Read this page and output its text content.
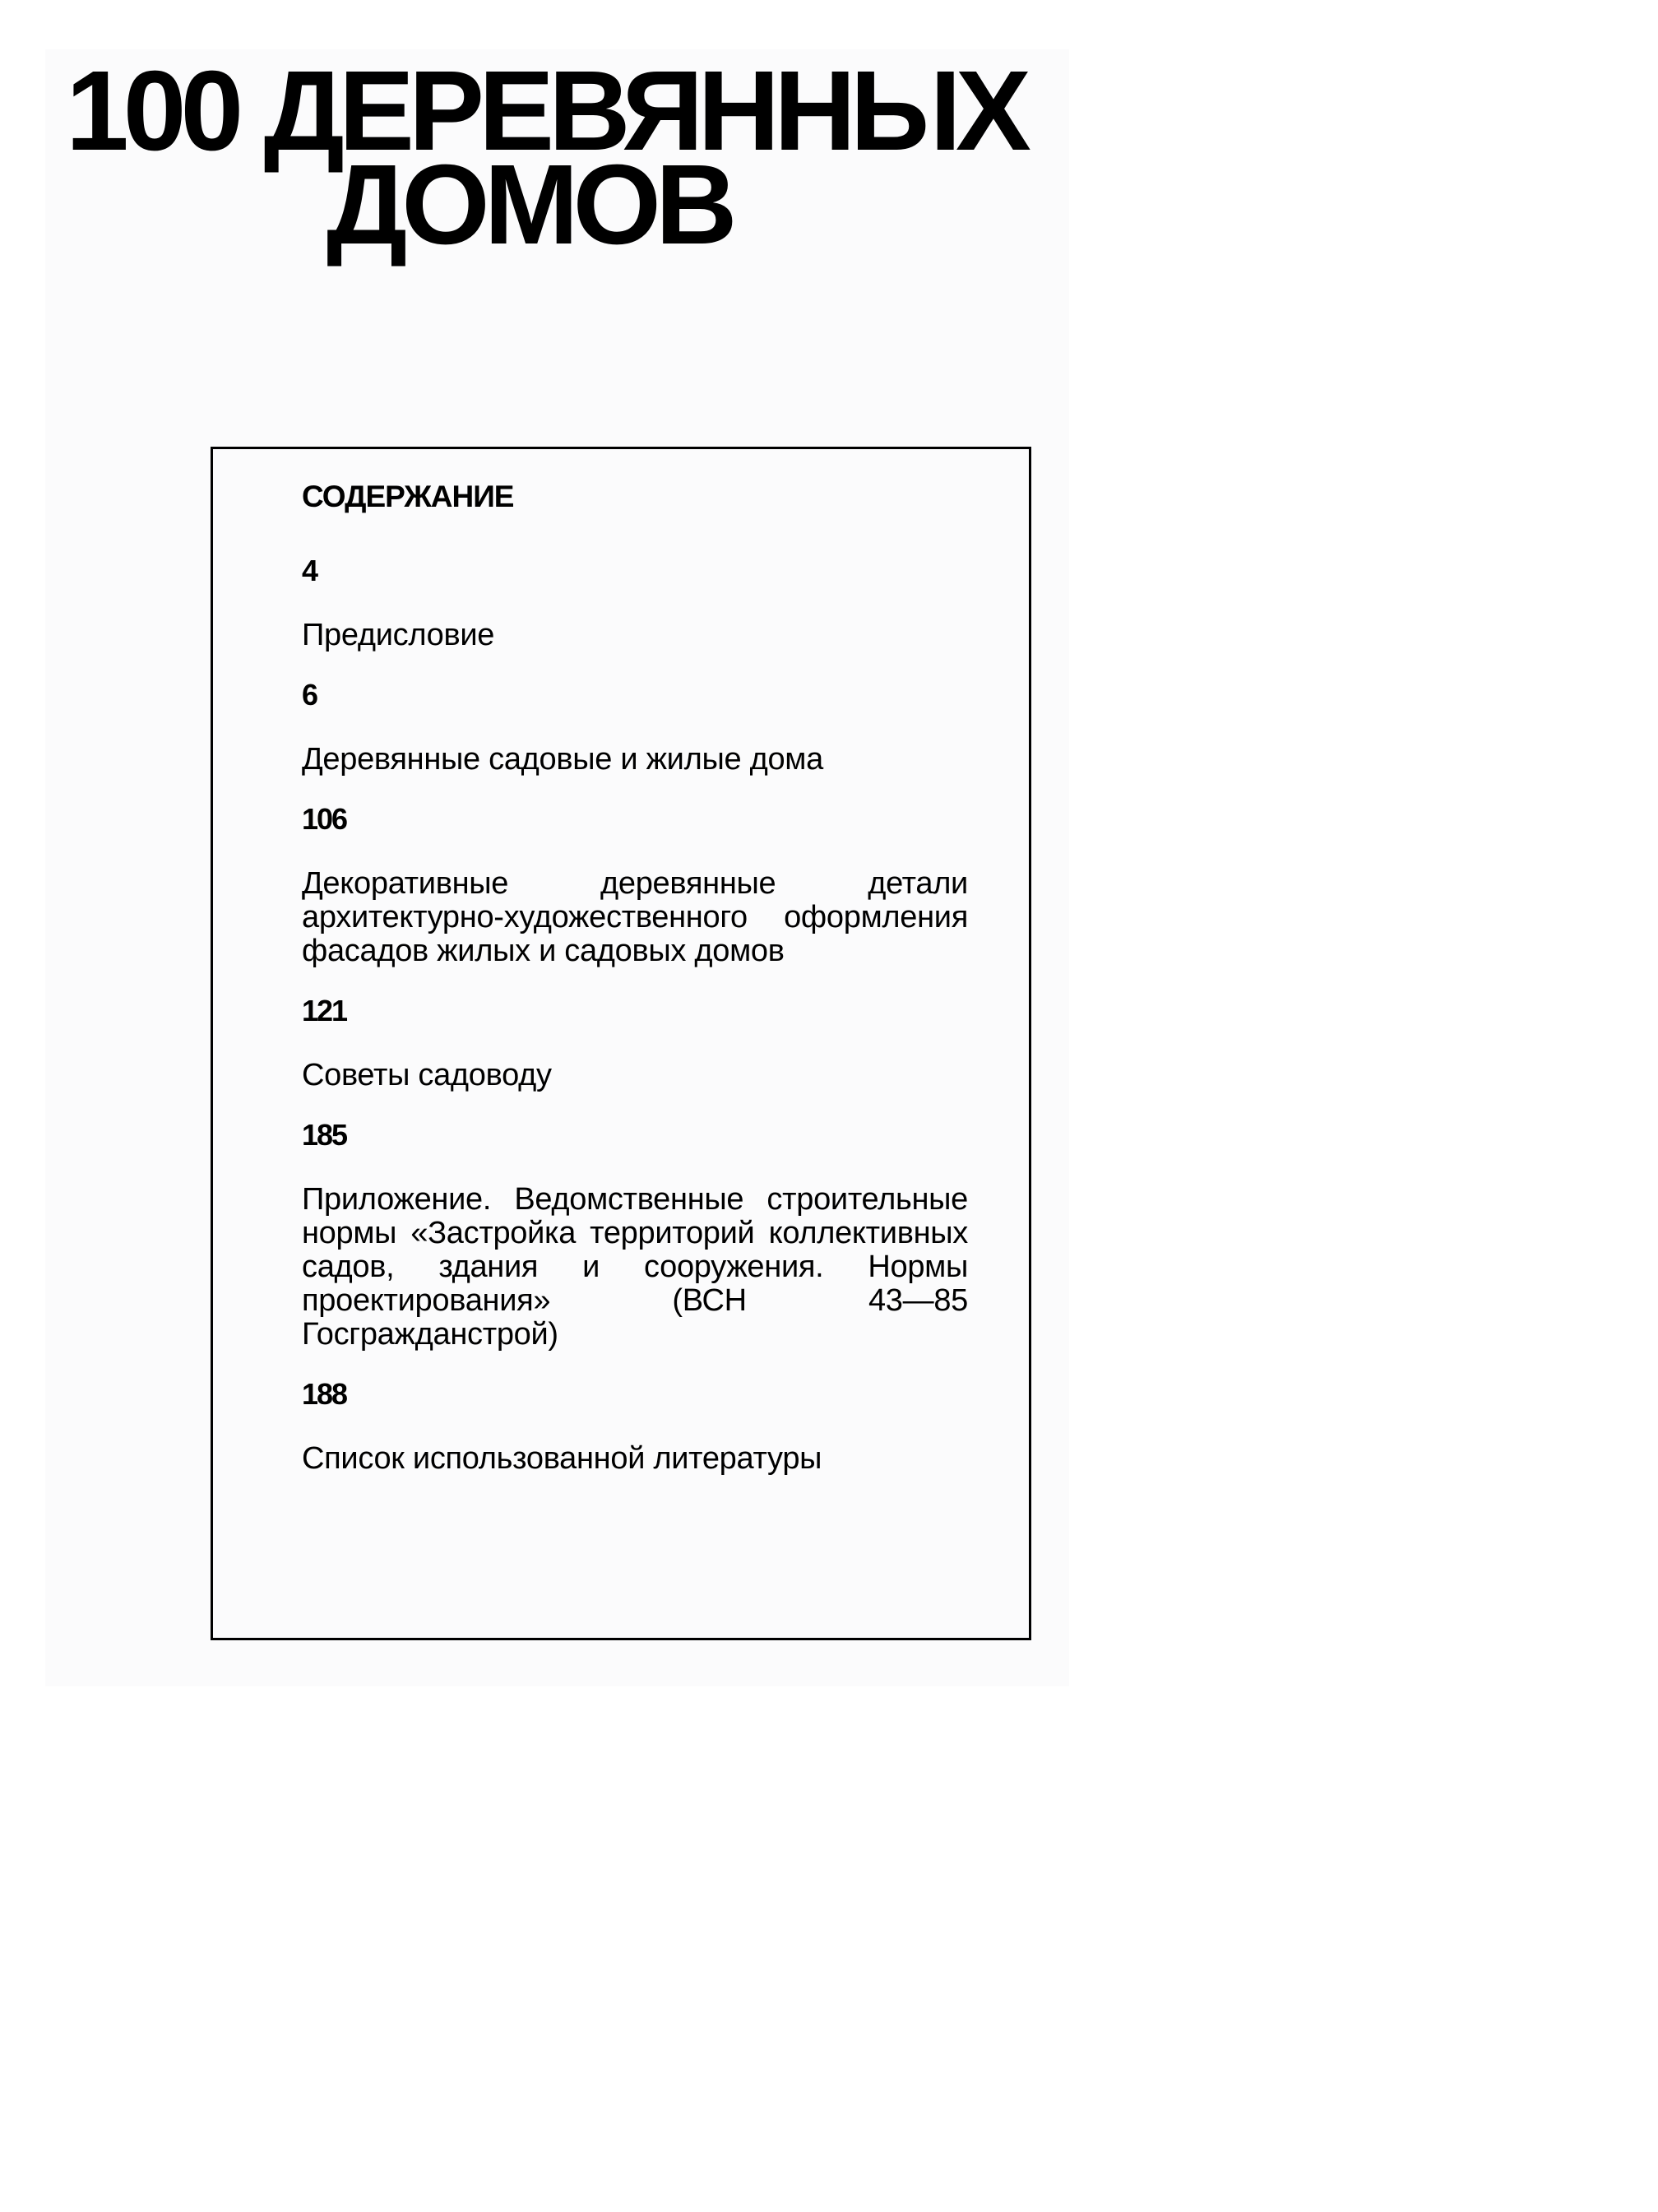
100 ДЕРЕВЯННЫХ
ДОМОВ
СОДЕРЖАНИЕ
4
Предисловие
6
Деревянные садовые и жилые дома
106
Декоративные деревянные детали архитектурно-художественного оформления фасадов жилых и садовых домов
121
Советы садоводу
185
Приложение. Ведомственные строительные нормы «Застройка территорий коллективных садов, здания и сооружения. Нормы проектирования» (ВСН 43—85 Госгражданстрой)
188
Список использованной литературы
